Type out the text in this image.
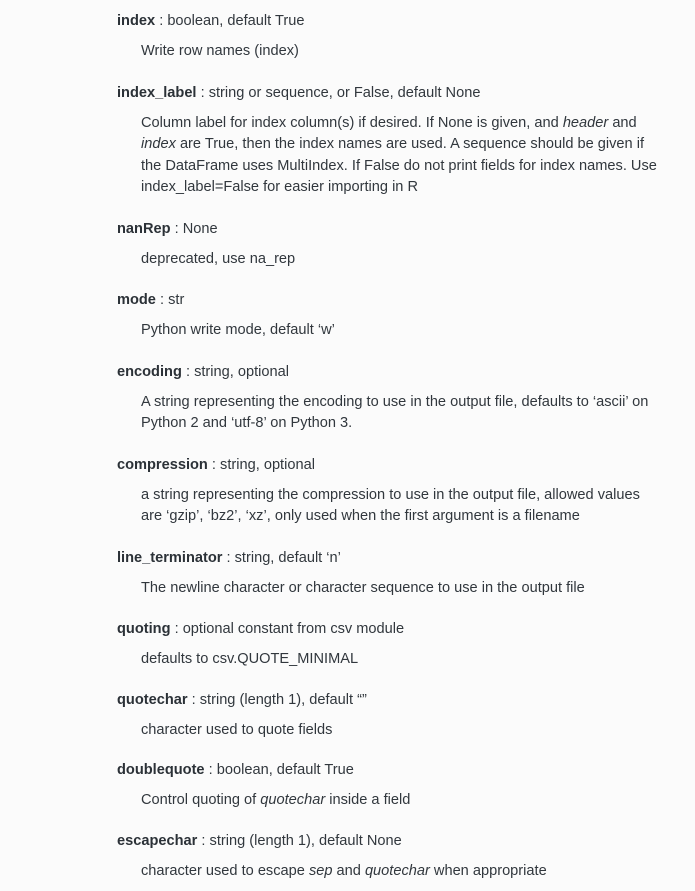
index : boolean, default True
Write row names (index)
index_label : string or sequence, or False, default None
Column label for index column(s) if desired. If None is given, and header and index are True, then the index names are used. A sequence should be given if the DataFrame uses MultiIndex. If False do not print fields for index names. Use index_label=False for easier importing in R
nanRep : None
deprecated, use na_rep
mode : str
Python write mode, default ‘w’
encoding : string, optional
A string representing the encoding to use in the output file, defaults to ‘ascii’ on Python 2 and ‘utf-8’ on Python 3.
compression : string, optional
a string representing the compression to use in the output file, allowed values are ‘gzip’, ‘bz2’, ‘xz’, only used when the first argument is a filename
line_terminator : string, default ‘n’
The newline character or character sequence to use in the output file
quoting : optional constant from csv module
defaults to csv.QUOTE_MINIMAL
quotechar : string (length 1), default “”
character used to quote fields
doublequote : boolean, default True
Control quoting of quotechar inside a field
escapechar : string (length 1), default None
character used to escape sep and quotechar when appropriate
